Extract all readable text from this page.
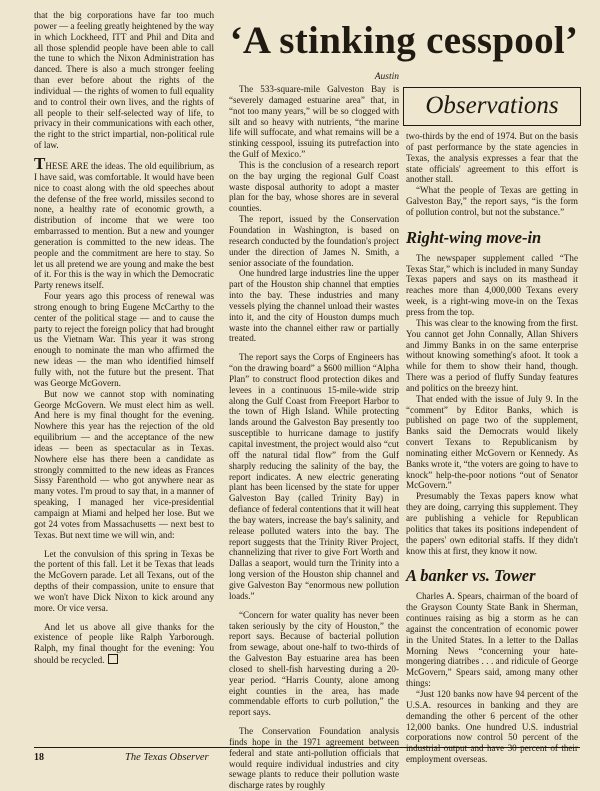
‘A stinking cesspool’
Austin
Observations

that the big corporations have far too much power — a feeling greatly heightened by the way in which Lockheed, ITT and Phil and Dita and all those splendid people have been able to call the tune to which the Nixon Administration has danced. There is also a much stronger feeling than ever before about the rights of the individual — the rights of women to full equality and to control their own lives, and the rights of all people to their self-selected way of life, to privacy in their communications with each other, the right to the strict impartial, non-political rule of law.

THESE ARE the ideas. The old equilibrium, as I have said, was comfortable. It would have been nice to coast along with the old speeches about the defense of the free world, missiles second to none, a healthy rate of economic growth, a distribution of income that we were too embarrassed to mention. But a new and younger generation is committed to the new ideas. The people and the commitment are here to stay. So let us all pretend we are young and make the best of it. For this is the way in which the Democratic Party renews itself.

Four years ago this process of renewal was strong enough to bring Eugene McCarthy to the center of the political stage — and to cause the party to reject the foreign policy that had brought us the Vietnam War. This year it was strong enough to nominate the man who affirmed the new ideas — the man who identified himself fully with, not the future but the present. That was George McGovern.

But now we cannot stop with nominating George McGovern. We must elect him as well. And here is my final thought for the evening. Nowhere this year has the rejection of the old equilibrium — and the acceptance of the new ideas — been as spectacular as in Texas. Nowhere else has there been a candidate as strongly committed to the new ideas as Frances Sissy Farenthold — who got anywhere near as many votes. I'm proud to say that, in a manner of speaking, I managed her vice-presidential campaign at Miami and helped her lose. But we got 24 votes from Massachusetts — next best to Texas. But next time we will win, and:

Let the convulsion of this spring in Texas be the portent of this fall. Let it be Texas that leads the McGovern parade. Let all Texans, out of the depths of their compassion, unite to ensure that we won't have Dick Nixon to kick around any more. Or vice versa.

And let us above all give thanks for the existence of people like Ralph Yarborough. Ralph, my final thought for the evening: You should be recycled.

The 533-square-mile Galveston Bay is “severely damaged estuarine area” that, in “not too many years,” will be so clogged with silt and so heavy with nutrients, “the marine life will suffocate, and what remains will be a stinking cesspool, issuing its putrefaction into the Gulf of Mexico.”

This is the conclusion of a research report on the bay urging the regional Gulf Coast waste disposal authority to adopt a master plan for the bay, whose shores are in several counties.

The report, issued by the Conservation Foundation in Washington, is based on research conducted by the foundation's project under the direction of James N. Smith, a senior associate of the foundation.

One hundred large industries line the upper part of the Houston ship channel that empties into the bay. These industries and many vessels plying the channel unload their wastes into it, and the city of Houston dumps much waste into the channel either raw or partially treated.

The report says the Corps of Engineers has “on the drawing board” a $600 million “Alpha Plan” to construct flood protection dikes and levees in a continuous 15-mile-wide strip along the Gulf Coast from Freeport Harbor to the town of High Island. While protecting lands around the Galveston Bay presently too susceptible to hurricane damage to justify capital investment, the project would also “cut off the natural tidal flow” from the Gulf sharply reducing the salinity of the bay, the report indicates. A new electric generating plant has been licensed by the state for upper Galveston Bay (called Trinity Bay) in defiance of federal contentions that it will heat the bay waters, increase the bay's salinity, and release polluted waters into the bay. The report suggests that the Trinity River Project, channelizing that river to give Fort Worth and Dallas a seaport, would turn the Trinity into a long version of the Houston ship channel and give Galveston Bay “enormous new pollution loads.”

“Concern for water quality has never been taken seriously by the city of Houston,” the report says. Because of bacterial pollution from sewage, about one-half to two-thirds of the Galveston Bay estuarine area has been closed to shell-fish harvesting during a 20-year period. “Harris County, alone among eight counties in the area, has made commendable efforts to curb pollution,” the report says.

The Conservation Foundation analysis finds hope in the 1971 agreement between federal and state anti-pollution officials that would require individual industries and city sewage plants to reduce their pollution waste discharge rates by roughly

two-thirds by the end of 1974. But on the basis of past performance by the state agencies in Texas, the analysis expresses a fear that the state officials' agreement to this effort is another stall.

“What the people of Texas are getting in Galveston Bay,” the report says, “is the form of pollution control, but not the substance.”

Right-wing move-in

The newspaper supplement called “The Texas Star,” which is included in many Sunday Texas papers and says on its masthead it reaches more than 4,000,000 Texans every week, is a right-wing move-in on the Texas press from the top.

This was clear to the knowing from the first. You cannot get John Connally, Allan Shivers and Jimmy Banks in on the same enterprise without knowing something's afoot. It took a while for them to show their hand, though. There was a period of fluffy Sunday features and politics on the breezy hint.

That ended with the issue of July 9. In the “comment” by Editor Banks, which is published on page two of the supplement, Banks said the Democrats would likely convert Texans to Republicanism by nominating either McGovern or Kennedy. As Banks wrote it, “the voters are going to have to knock” help-the-poor notions “out of Senator McGovern.”

Presumably the Texas papers know what they are doing, carrying this supplement. They are publishing a vehicle for Republican politics that takes its positions independent of the papers' own editorial staffs. If they didn't know this at first, they know it now.

A banker vs. Tower

Charles A. Spears, chairman of the board of the Grayson County State Bank in Sherman, continues raising as big a storm as he can against the concentration of economic power in the United States. In a letter to the Dallas Morning News “concerning your hate-mongering diatribes . . . and ridicule of George McGovern,” Spears said, among many other things:

“Just 120 banks now have 94 percent of the U.S.A. resources in banking and they are demanding the other 6 percent of the other 12,000 banks. One hundred U.S. industrial corporations now control 50 percent of the industrial output and have 30 percent of their employment overseas.

18	The Texas Observer
